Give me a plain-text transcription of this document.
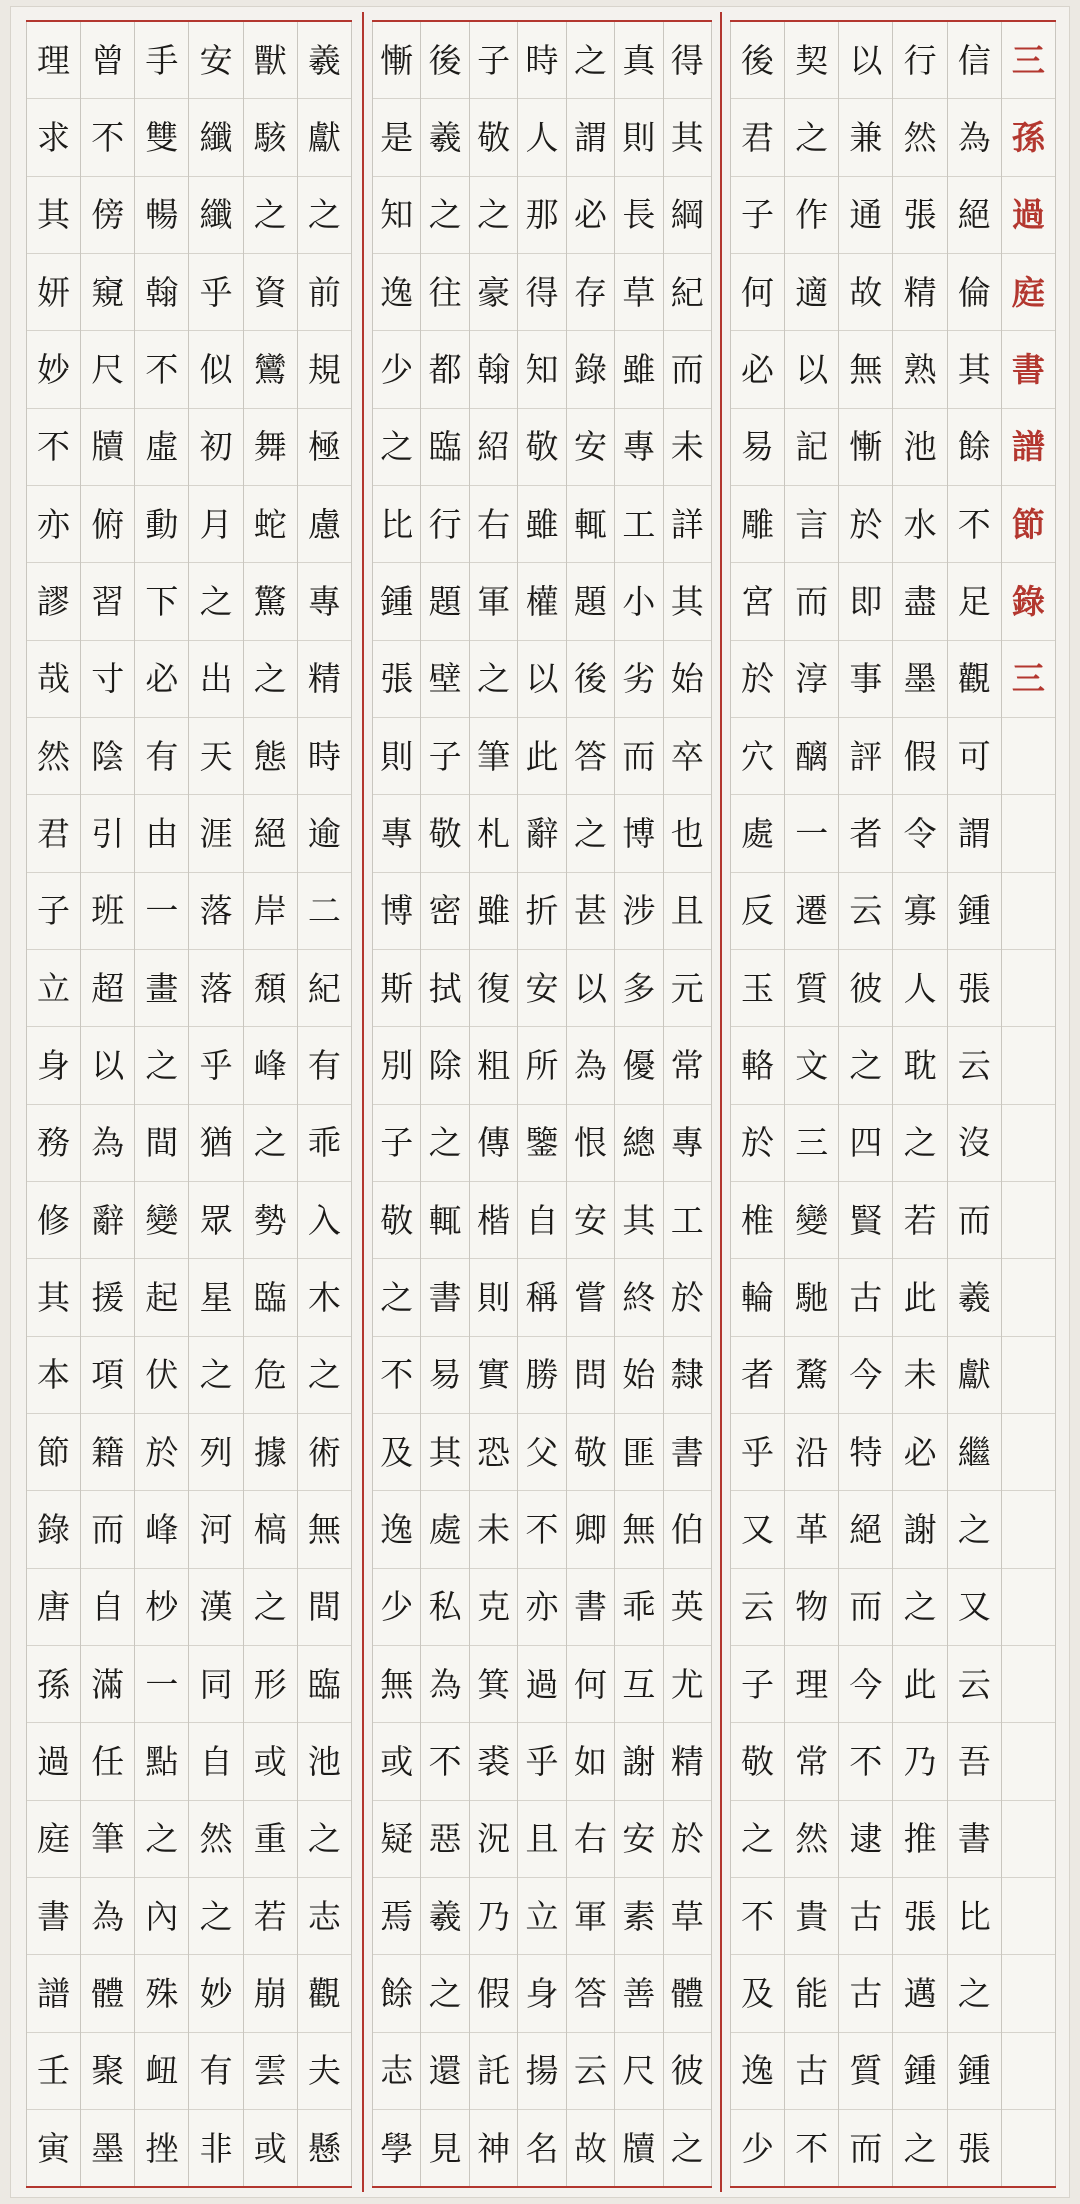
三
孫
過
庭
書
譜
節
錄
三
信
為
絕
倫
其
餘
不
足
觀
可
謂
鍾
張
云
沒
而
羲
獻
繼
之
又
云
吾
書
比
之
鍾
張
行
然
張
精
熟
池
水
盡
墨
假
令
寡
人
耽
之
若
此
未
必
謝
之
此
乃
推
張
邁
鍾
之
以
兼
通
故
無
慚
於
即
事
評
者
云
彼
之
四
賢
古
今
特
絕
而
今
不
逮
古
古
質
而
契
之
作
適
以
記
言
而
淳
醨
一
遷
質
文
三
變
馳
騖
沿
革
物
理
常
然
貴
能
古
不
後
君
子
何
必
易
雕
宮
於
穴
處
反
玉
輅
於
椎
輪
者
乎
又
云
子
敬
之
不
及
逸
少
得
其
綱
紀
而
未
詳
其
始
卒
也
且
元
常
專
工
於
隸
書
伯
英
尤
精
於
草
體
彼
之
真
則
長
草
雖
專
工
小
劣
而
博
涉
多
優
總
其
終
始
匪
無
乖
互
謝
安
素
善
尺
牘
之
謂
必
存
錄
安
輒
題
後
答
之
甚
以
為
恨
安
嘗
問
敬
卿
書
何
如
右
軍
答
云
故
時
人
那
得
知
敬
雖
權
以
此
辭
折
安
所
鑒
自
稱
勝
父
不
亦
過
乎
且
立
身
揚
名
子
敬
之
豪
翰
紹
右
軍
之
筆
札
雖
復
粗
傳
楷
則
實
恐
未
克
箕
裘
況
乃
假
託
神
後
羲
之
往
都
臨
行
題
壁
子
敬
密
拭
除
之
輒
書
易
其
處
私
為
不
惡
羲
之
還
見
慚
是
知
逸
少
之
比
鍾
張
則
專
博
斯
別
子
敬
之
不
及
逸
少
無
或
疑
焉
餘
志
學
羲
獻
之
前
規
極
慮
專
精
時
逾
二
紀
有
乖
入
木
之
術
無
間
臨
池
之
志
觀
夫
懸
獸
駭
之
資
鸞
舞
蛇
驚
之
態
絕
岸
頹
峰
之
勢
臨
危
據
槁
之
形
或
重
若
崩
雲
或
安
纖
纖
乎
似
初
月
之
出
天
涯
落
落
乎
猶
眾
星
之
列
河
漢
同
自
然
之
妙
有
非
手
雙
暢
翰
不
虛
動
下
必
有
由
一
畫
之
間
變
起
伏
於
峰
杪
一
點
之
內
殊
衄
挫
曾
不
傍
窺
尺
牘
俯
習
寸
陰
引
班
超
以
為
辭
援
項
籍
而
自
滿
任
筆
為
體
聚
墨
理
求
其
妍
妙
不
亦
謬
哉
然
君
子
立
身
務
修
其
本
節
錄
唐
孫
過
庭
書
譜
壬
寅
